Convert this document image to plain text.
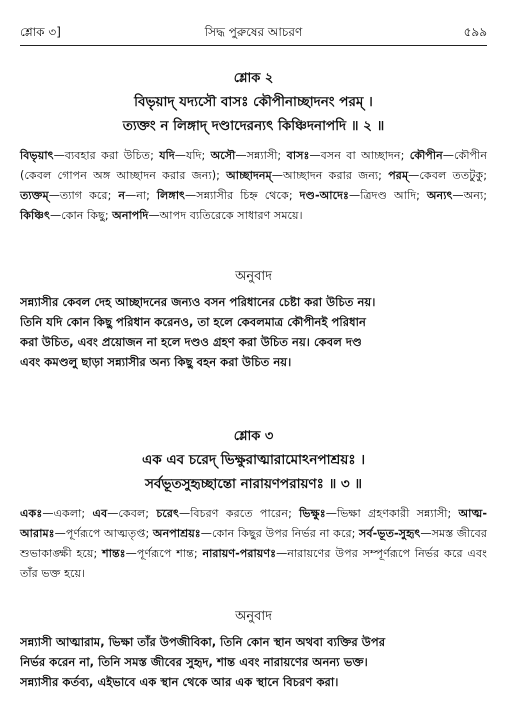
শ্লোক ৩]	সিদ্ধ পুরুষের আচরণ	৫৯৯
শ্লোক ২
বিভৃয়াদ্ যদ্যসৌ বাসঃ কৌপীনাচ্ছাদনং পরম্ ।
ত্যক্তং ন লিঙ্গাদ্ দণ্ডাদেরন্যৎ কিঞ্চিদনাপদি ॥ ২ ॥
বিভৃয়াৎ—ব্যবহার করা উচিত; যদি—যদি; অসৌ—সন্ন্যাসী; বাসঃ—বসন বা আচ্ছাদন; কৌপীন—কৌপীন (কেবল গোপন অঙ্গ আচ্ছাদন করার জন্য); আচ্ছাদনম্—আচ্ছাদন করার জন্য; পরম্—কেবল ততটুকু; ত্যক্তম্—ত্যাগ করে; ন—না; লিঙ্গাৎ—সন্ন্যাসীর চিহ্ন থেকে; দণ্ড-আদেঃ—ত্রিদণ্ড আদি; অন্যৎ—অন্য; কিঞ্চিৎ—কোন কিছু; অনাপদি—আপদ ব্যতিরেকে সাধারণ সময়ে।
অনুবাদ
সন্ন্যাসীর কেবল দেহ আচ্ছাদনের জন্যও বসন পরিধানের চেষ্টা করা উচিত নয়।
তিনি যদি কোন কিছু পরিধান করেনও, তা হলে কেবলমাত্র কৌপীনই পরিধান
করা উচিত, এবং প্রয়োজন না হলে দণ্ডও গ্রহণ করা উচিত নয়। কেবল দণ্ড
এবং কমণ্ডলু ছাড়া সন্ন্যাসীর অন্য কিছু বহন করা উচিত নয়।
শ্লোক ৩
এক এব চরেদ্ ভিক্ষুরাত্মারামোঽনপাশ্রয়ঃ ।
সর্বভূতসুহৃচ্ছান্তো নারায়ণপরায়ণঃ ॥ ৩ ॥
একঃ—একলা; এব—কেবল; চরেৎ—বিচরণ করতে পারেন; ভিক্ষুঃ—ভিক্ষা গ্রহণকারী সন্ন্যাসী; আত্ম-আরামঃ—পূর্ণরূপে আত্মতৃপ্ত; অনপাশ্রয়ঃ—কোন কিছুর উপর নির্ভর না করে; সর্ব-ভূত-সুহৃৎ—সমস্ত জীবের শুভাকাঙ্ক্ষী হয়ে; শান্তঃ—পূর্ণরূপে শান্ত; নারায়ণ-পরায়ণঃ—নারায়ণের উপর সম্পূর্ণরূপে নির্ভর করে এবং তাঁর ভক্ত হয়ে।
অনুবাদ
সন্ন্যাসী আত্মারাম, ভিক্ষা তাঁর উপজীবিকা, তিনি কোন স্থান অথবা ব্যক্তির উপর
নির্ভর করেন না, তিনি সমস্ত জীবের সুহৃদ, শান্ত এবং নারায়ণের অনন্য ভক্ত।
সন্ন্যাসীর কর্তব্য, এইভাবে এক স্থান থেকে আর এক স্থানে বিচরণ করা।
